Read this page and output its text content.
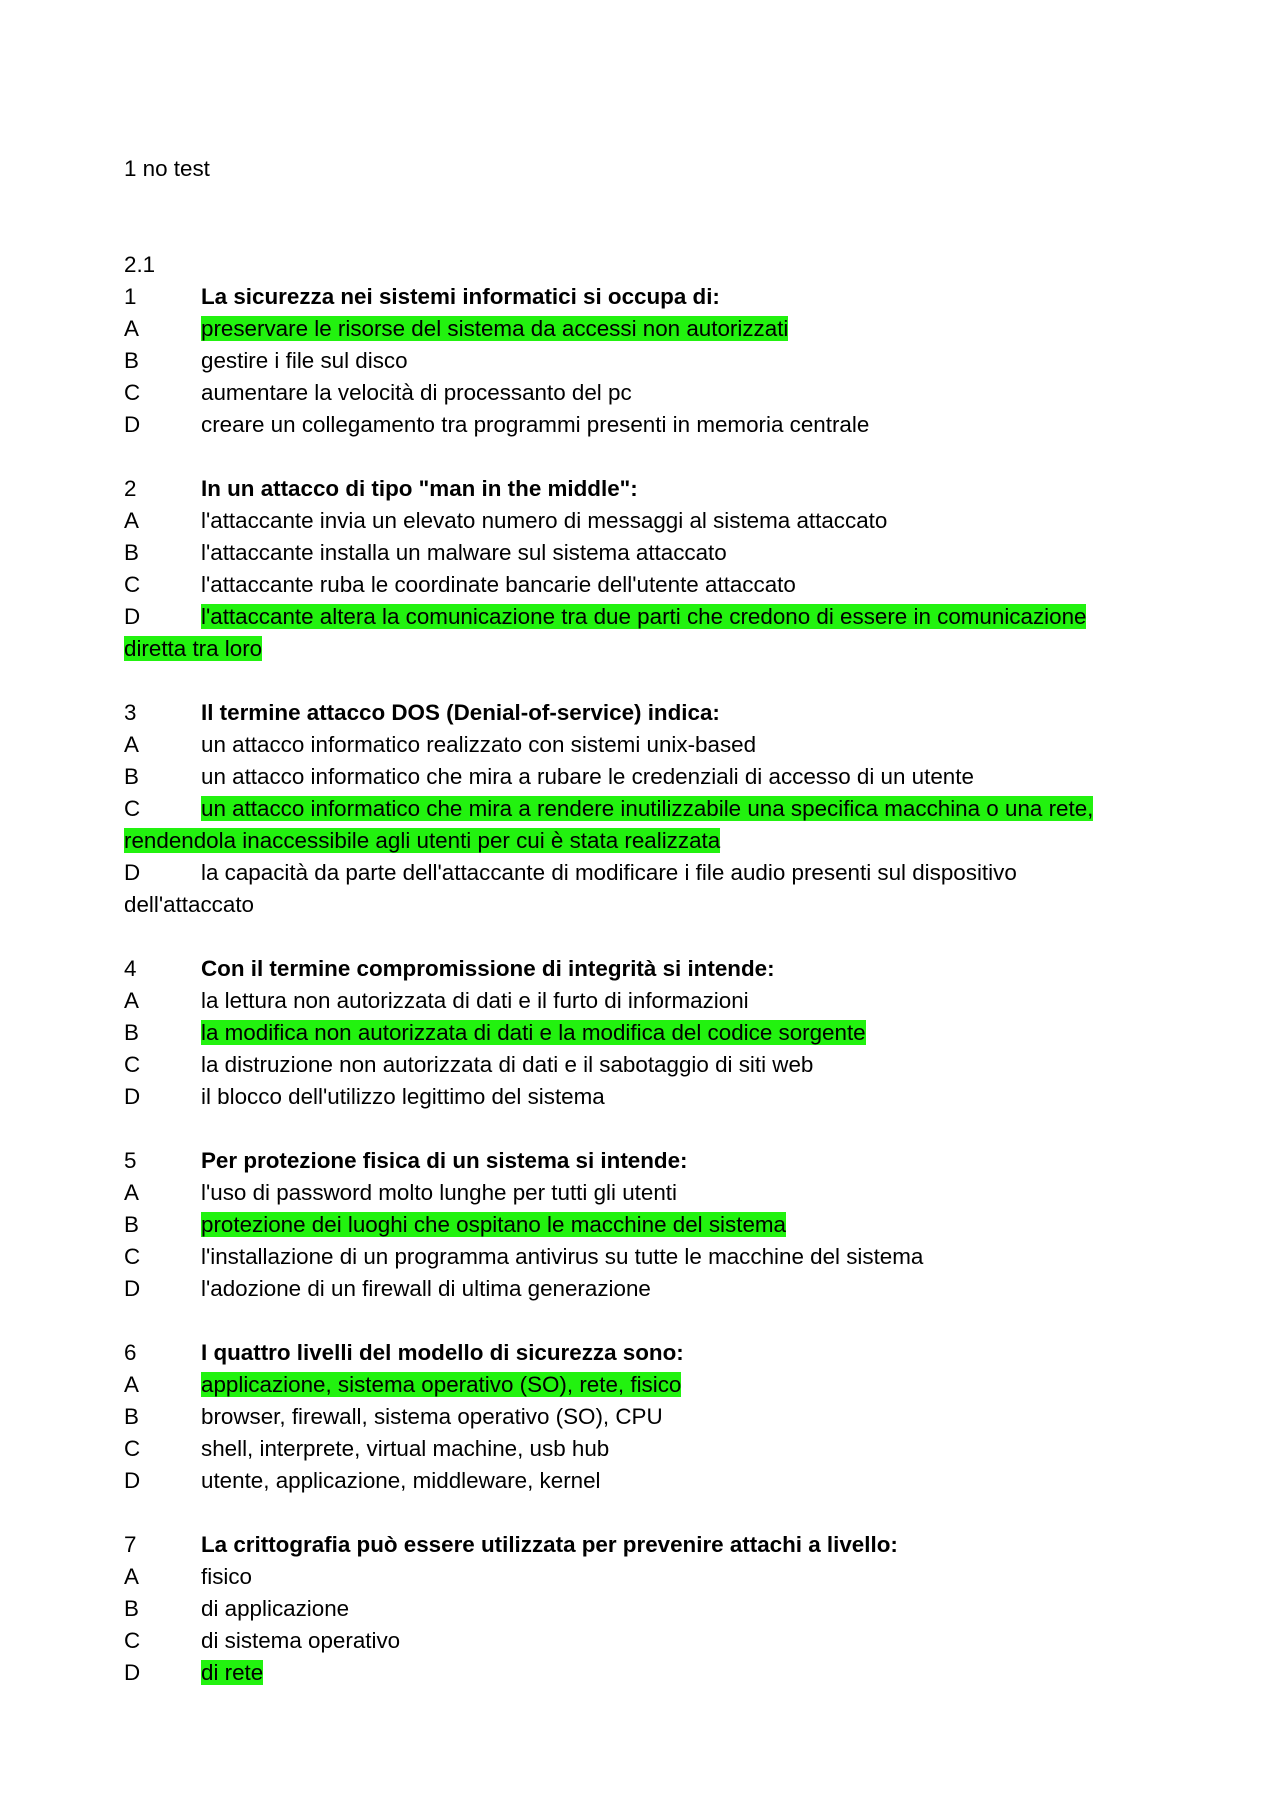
1 no test
2.1
1	La sicurezza nei sistemi informatici si occupa di:
A	preservare le risorse del sistema da accessi non autorizzati
B	gestire i file sul disco
C	aumentare la velocità di processanto del pc
D	creare un collegamento tra programmi presenti in memoria centrale
2	In un attacco di tipo "man in the middle":
A	l'attaccante invia un elevato numero di messaggi al sistema attaccato
B	l'attaccante installa un malware sul sistema attaccato
C	l'attaccante ruba le coordinate bancarie dell'utente attaccato
D	l'attaccante altera la comunicazione tra due parti che credono di essere in comunicazione
diretta tra loro
3	Il termine attacco DOS (Denial-of-service) indica:
A	un attacco informatico realizzato con sistemi unix-based
B	un attacco informatico che mira a rubare le credenziali di accesso di un utente
C	un attacco informatico che mira a rendere inutilizzabile una specifica macchina o una rete,
rendendola inaccessibile agli utenti per cui è stata realizzata
D	la capacità da parte dell'attaccante di modificare i file audio presenti sul dispositivo
dell'attaccato
4	Con il termine compromissione di integrità si intende:
A	la lettura non autorizzata di dati e il furto di informazioni
B	la modifica non autorizzata di dati e la modifica del codice sorgente
C	la distruzione non autorizzata di dati e il sabotaggio di siti web
D	il blocco dell'utilizzo legittimo del sistema
5	Per protezione fisica di un sistema si intende:
A	l'uso di password molto lunghe per tutti gli utenti
B	protezione dei luoghi che ospitano le macchine del sistema
C	l'installazione di un programma antivirus su tutte le macchine del sistema
D	l'adozione di un firewall di ultima generazione
6	I quattro livelli del modello di sicurezza sono:
A	applicazione, sistema operativo (SO), rete, fisico
B	browser, firewall, sistema operativo (SO), CPU
C	shell, interprete, virtual machine, usb hub
D	utente, applicazione, middleware, kernel
7	La crittografia può essere utilizzata per prevenire attachi a livello:
A	fisico
B	di applicazione
C	di sistema operativo
D	di rete
